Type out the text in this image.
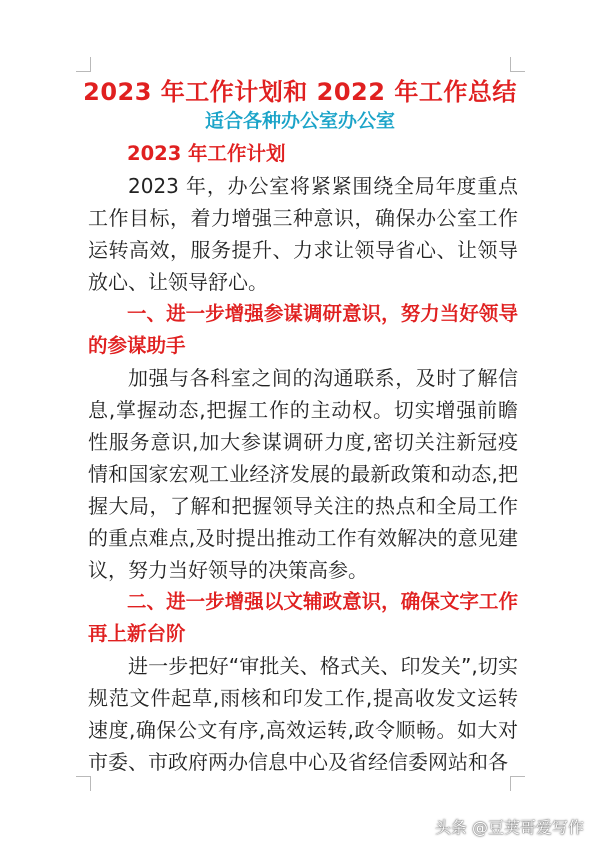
2023 年工作计划和 2022 年工作总结
适合各种办公室办公室

2023 年工作计划

2023 年，办公室将紧紧围绕全局年度重点工作目标，着力增强三种意识，确保办公室工作运转高效，服务提升、力求让领导省心、让领导放心、让领导舒心。

一、进一步增强参谋调研意识，努力当好领导的参谋助手

加强与各科室之间的沟通联系，及时了解信息,掌握动态,把握工作的主动权。切实增强前瞻性服务意识,加大参谋调研力度,密切关注新冠疫情和国家宏观工业经济发展的最新政策和动态,把握大局，了解和把握领导关注的热点和全局工作的重点难点,及时提出推动工作有效解决的意见建议，努力当好领导的决策高参。

二、进一步增强以文辅政意识，确保文字工作再上新台阶

进一步把好“审批关、格式关、印发关”,切实规范文件起草,雨核和印发工作,提高收发文运转速度,确保公文有序,高效运转,政令顺畅。如大对市委、市政府两办信息中心及省经信委网站和各

头条 @豆荚哥爱写作
